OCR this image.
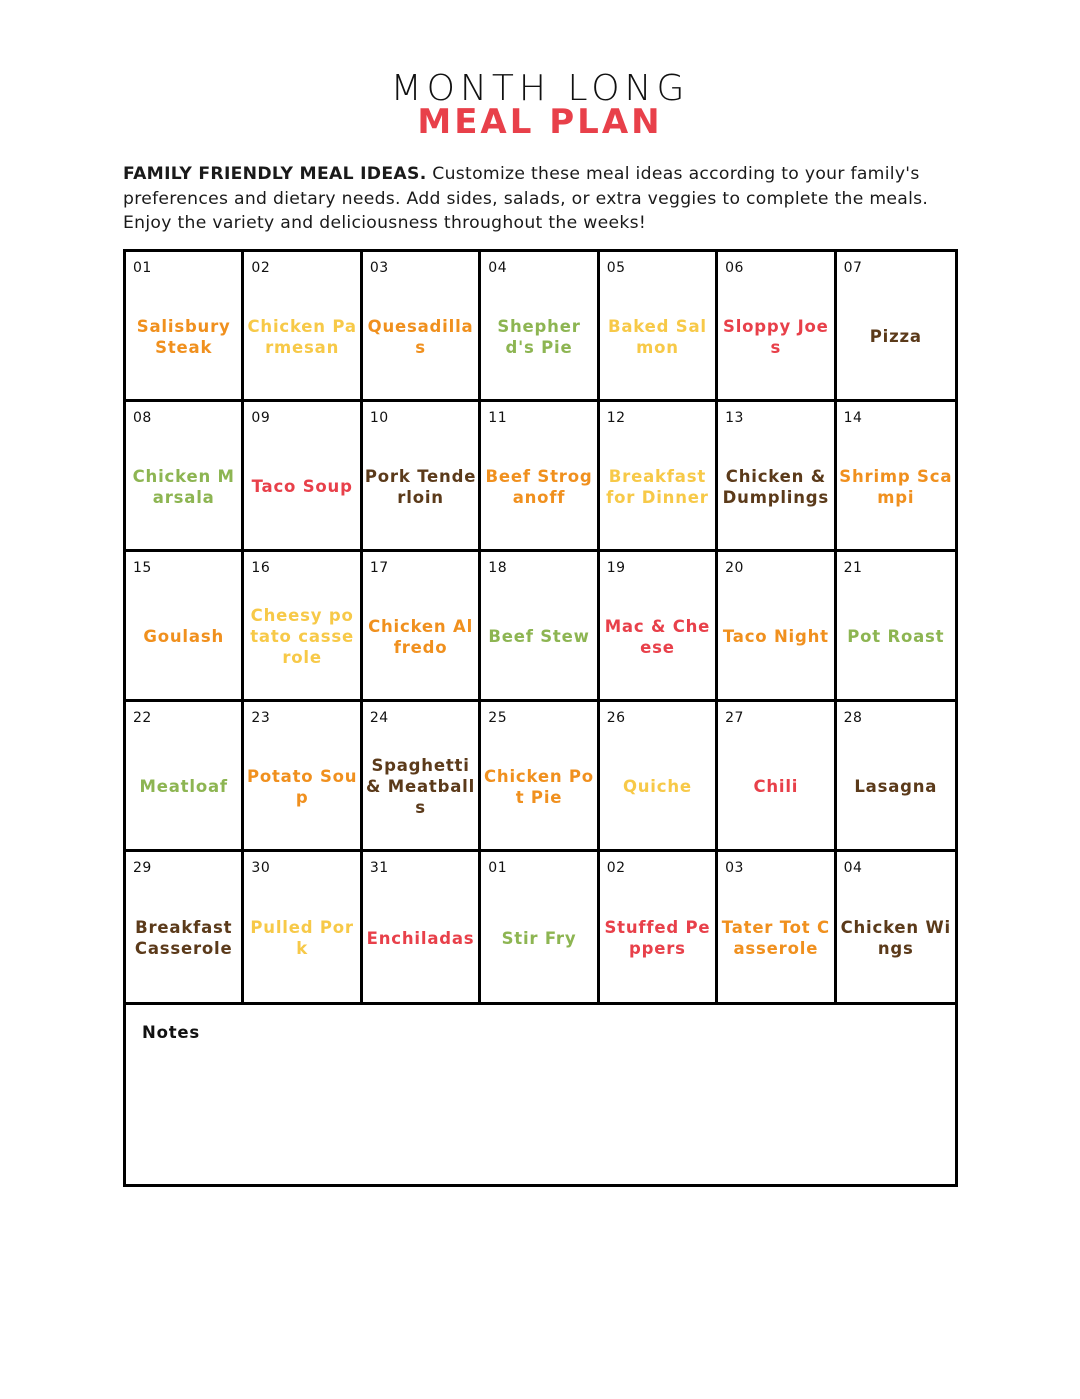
MONTH LONG
MEAL PLAN
FAMILY FRIENDLY MEAL IDEAS. Customize these meal ideas according to your family's preferences and dietary needs. Add sides, salads, or extra veggies to complete the meals. Enjoy the variety and deliciousness throughout the weeks!
01
Salisbury Steak
02
Chicken Parmesan
03
Quesadillas
04
Shepherd's Pie
05
Baked Salmon
06
Sloppy Joes
07
Pizza
08
Chicken Marsala
09
Taco Soup
10
Pork Tenderloin
11
Beef Stroganoff
12
Breakfast for Dinner
13
Chicken & Dumplings
14
Shrimp Scampi
15
Goulash
16
Cheesy potato casserole
17
Chicken Alfredo
18
Beef Stew
19
Mac & Cheese
20
Taco Night
21
Pot Roast
22
Meatloaf
23
Potato Soup
24
Spaghetti & Meatballs
25
Chicken Pot Pie
26
Quiche
27
Chili
28
Lasagna
29
Breakfast Casserole
30
Pulled Pork
31
Enchiladas
01
Stir Fry
02
Stuffed Peppers
03
Tater Tot Casserole
04
Chicken Wings
Notes
